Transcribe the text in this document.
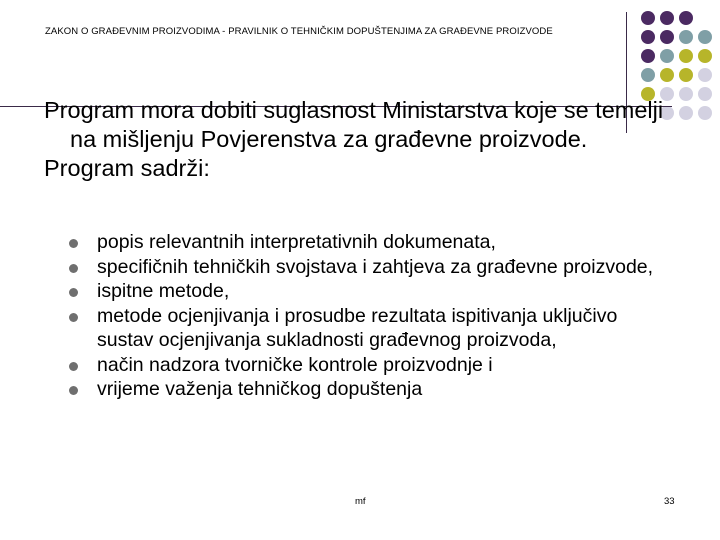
ZAKON O GRAĐEVNIM PROIZVODIMA - PRAVILNIK O TEHNIČKIM DOPUŠTENJIMA ZA GRAĐEVNE PROIZVODE

Program mora dobiti suglasnost Ministarstva koje se temelji na mišljenju Povjerenstva za građevne proizvode.

Program sadrži:

popis relevantnih interpretativnih dokumenata,
specifičnih tehničkih svojstava i zahtjeva za građevne proizvode,
ispitne metode,
metode ocjenjivanja i prosudbe rezultata ispitivanja uključivo sustav ocjenjivanja sukladnosti građevnog proizvoda,
način nadzora tvorničke kontrole proizvodnje i
vrijeme važenja tehničkog dopuštenja
mf	33
